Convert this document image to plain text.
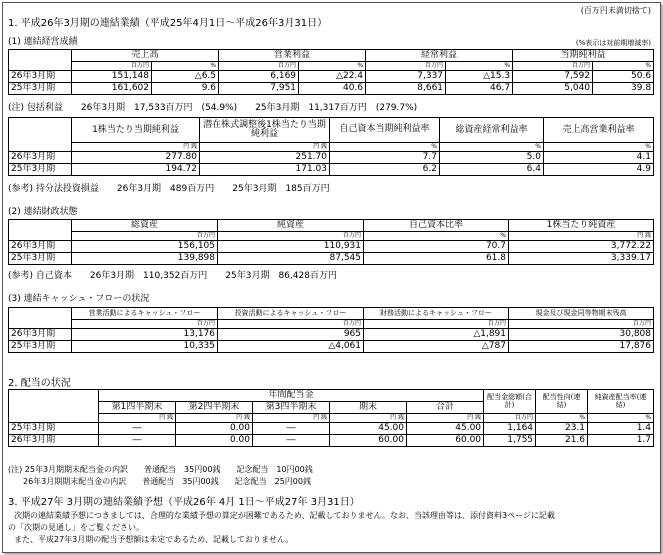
(百万円未満切捨て)
1. 平成26年3月期の連結業績（平成25年4月1日～平成26年3月31日）
(1) 連結経営成績	(%表示は対前期増減率)
	売上高		営業利益		経常利益		当期純利益	
	百万円	%	百万円	%	百万円	%	百万円	%
26年3月期	151,148	△6.5	6,169	△22.4	7,337	△15.3	7,592	50.6
25年3月期	161,602	9.6	7,951	40.6	8,661	46.7	5,040	39.8
(注) 包括利益　　26年3月期　17,533百万円　(54.9%)　　25年3月期　11,317百万円　(279.7%)
	1株当たり当期純利益	潜在株式調整後1株当たり当期純利益	自己資本当期純利益率	総資産経常利益率	売上高営業利益率
	円 銭	円 銭	%	%	%
26年3月期	277.80	251.70	7.7	5.0	4.1
25年3月期	194.72	171.03	6.2	6.4	4.9
(参考) 持分法投資損益　　26年3月期　489百万円　　25年3月期　185百万円
(2) 連結財政状態
	総資産	純資産	自己資本比率	1株当たり純資産
	百万円	百万円	%	円 銭
26年3月期	156,105	110,931	70.7	3,772.22
25年3月期	139,898	87,545	61.8	3,339.17
(参考) 自己資本　　26年3月期　110,352百万円　　25年3月期　86,428百万円
(3) 連結キャッシュ・フローの状況
	営業活動によるキャッシュ・フロー	投資活動によるキャッシュ・フロー	財務活動によるキャッシュ・フロー	現金及び現金同等物期末残高
	百万円	百万円	百万円	百万円
26年3月期	13,176	965	△1,891	30,808
25年3月期	10,335	△4,061	△787	17,876
2. 配当の状況
	年間配当金					配当金総額(合計)	配当性向(連結)	純資産配当率(連結)
	第1四半期末	第2四半期末	第3四半期末	期末	合計			
	円 銭	円 銭	円 銭	円 銭	円 銭	百万円	%	%
25年3月期	―	0.00	―	45.00	45.00	1,164	23.1	1.4
26年3月期	―	0.00	―	60.00	60.00	1,755	21.6	1.7
(注) 25年3月期期末配当金の内訳　　普通配当　35円00銭　　記念配当　10円00銭
26年3月期期末配当金の内訳　　普通配当　35円00銭　　記念配当　25円00銭
3. 平成27年 3月期の連結業績予想（平成26年 4月 1日～平成27年 3月31日）
次期の連結業績予想につきましては、合理的な業績予想の算定が困難であるため、記載しておりません。なお、当該理由等は、添付資料3ページに記載
の「次期の見通し」をご覧ください。
また、平成27年3月期の配当予想額は未定であるため、記載しておりません。
